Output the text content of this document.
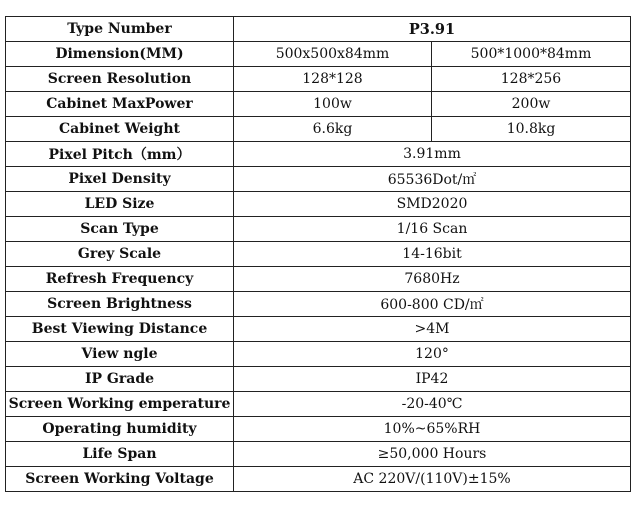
Type Number	P3.91	
Dimension(MM)	500x500x84mm	500*1000*84mm
Screen Resolution	128*128	128*256
Cabinet MaxPower	100w	200w
Cabinet Weight	6.6kg	10.8kg
Pixel Pitch（mm）	3.91mm	
Pixel Density	65536Dot/㎡	
LED Size	SMD2020	
Scan Type	1/16 Scan	
Grey Scale	14-16bit	
Refresh Frequency	7680Hz	
Screen Brightness	600-800 CD/㎡	
Best Viewing Distance	>4M	
View ngle	120°	
IP Grade	IP42	
Screen Working emperature	-20-40℃	
Operating humidity	10%~65%RH	
Life Span	≥50,000 Hours	
Screen Working Voltage	AC 220V/(110V)±15%	
